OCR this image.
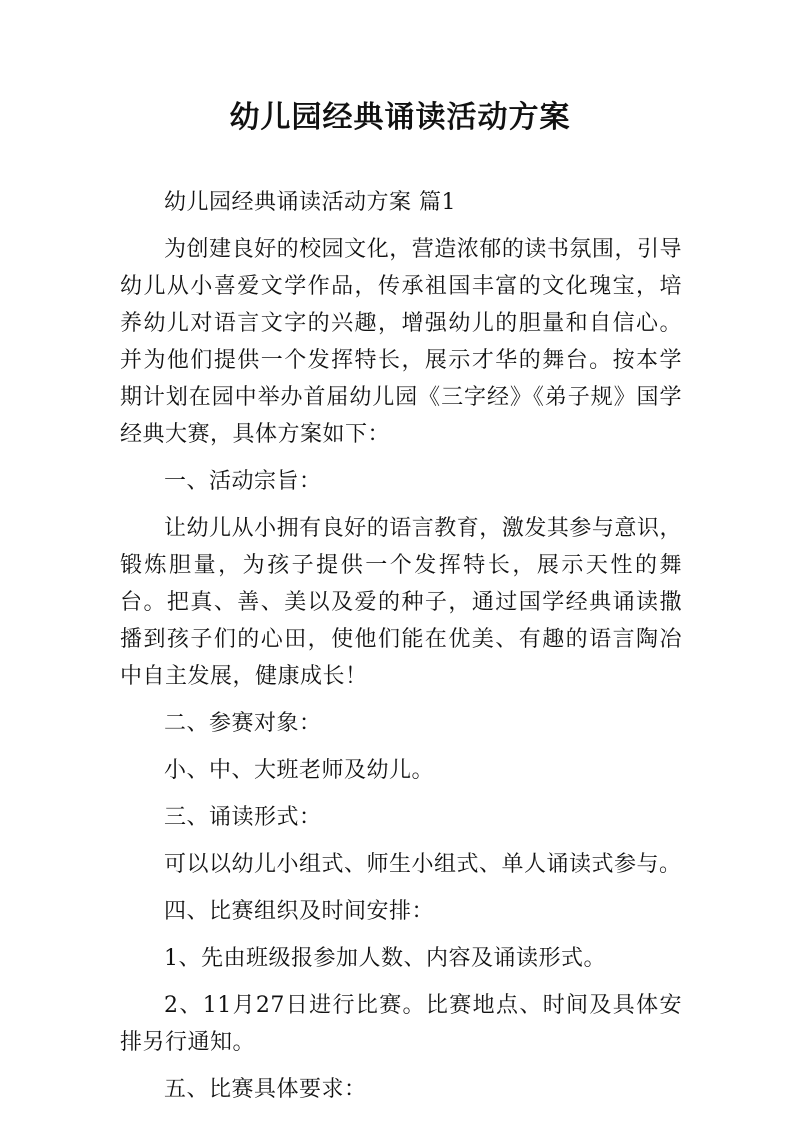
幼儿园经典诵读活动方案

幼儿园经典诵读活动方案 篇1

为创建良好的校园文化，营造浓郁的读书氛围，引导幼儿从小喜爱文学作品，传承祖国丰富的文化瑰宝，培养幼儿对语言文字的兴趣，增强幼儿的胆量和自信心。并为他们提供一个发挥特长，展示才华的舞台。按本学期计划在园中举办首届幼儿园《三字经》《弟子规》国学经典大赛，具体方案如下：

一、活动宗旨：

让幼儿从小拥有良好的语言教育，激发其参与意识，锻炼胆量，为孩子提供一个发挥特长，展示天性的舞台。把真、善、美以及爱的种子，通过国学经典诵读撒播到孩子们的心田，使他们能在优美、有趣的语言陶冶中自主发展，健康成长！

二、参赛对象：

小、中、大班老师及幼儿。

三、诵读形式：

可以以幼儿小组式、师生小组式、单人诵读式参与。

四、比赛组织及时间安排：

1、先由班级报参加人数、内容及诵读形式。

2、11月27日进行比赛。比赛地点、时间及具体安排另行通知。

五、比赛具体要求：
